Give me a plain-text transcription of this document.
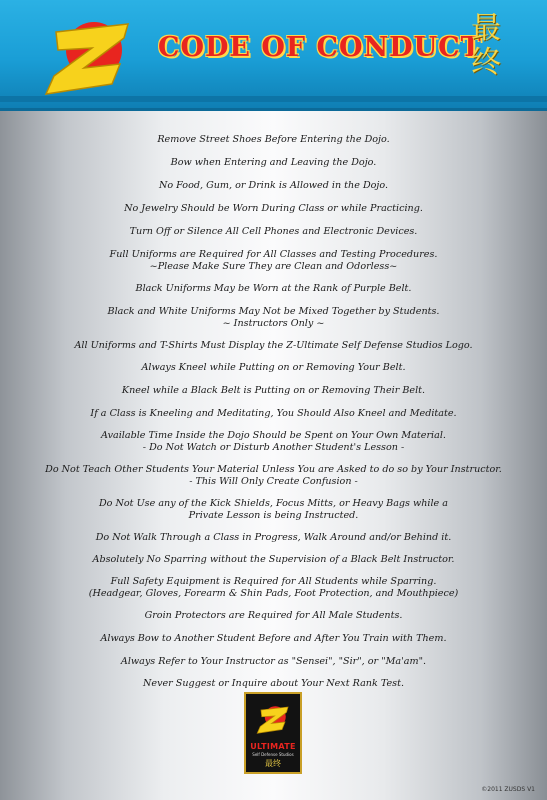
CODE OF CONDUCT
最
终
Remove Street Shoes Before Entering the Dojo.
Bow when Entering and Leaving the Dojo.
No Food, Gum, or Drink is Allowed in the Dojo.
No Jewelry Should be Worn During Class or while Practicing.
Turn Off or Silence All Cell Phones and Electronic Devices.
Full Uniforms are Required for All Classes and Testing Procedures.
~Please Make Sure They are Clean and Odorless~
Black Uniforms May be Worn at the Rank of Purple Belt.
Black and White Uniforms May Not be Mixed Together by Students.
~ Instructors Only ~
All Uniforms and T-Shirts Must Display the Z-Ultimate Self Defense Studios Logo.
Always Kneel while Putting on or Removing Your Belt.
Kneel while a Black Belt is Putting on or Removing Their Belt.
If a Class is Kneeling and Meditating, You Should Also Kneel and Meditate.
Available Time Inside the Dojo Should be Spent on Your Own Material.
- Do Not Watch or Disturb Another Student's Lesson -
Do Not Teach Other Students Your Material Unless You are Asked to do so by Your Instructor.
- This Will Only Create Confusion -
Do Not Use any of the Kick Shields, Focus Mitts, or Heavy Bags while a
Private Lesson is being Instructed.
Do Not Walk Through a Class in Progress, Walk Around and/or Behind it.
Absolutely No Sparring without the Supervision of a Black Belt Instructor.
Full Safety Equipment is Required for All Students while Sparring.
(Headgear, Gloves, Forearm & Shin Pads, Foot Protection, and Mouthpiece)
Groin Protectors are Required for All Male Students.
Always Bow to Another Student Before and After You Train with Them.
Always Refer to Your Instructor as "Sensei", "Sir", or "Ma'am".
Never Suggest or Inquire about Your Next Rank Test.
ULTIMATE
Self Defense Studios
最终
©2011 ZUSDS V1
